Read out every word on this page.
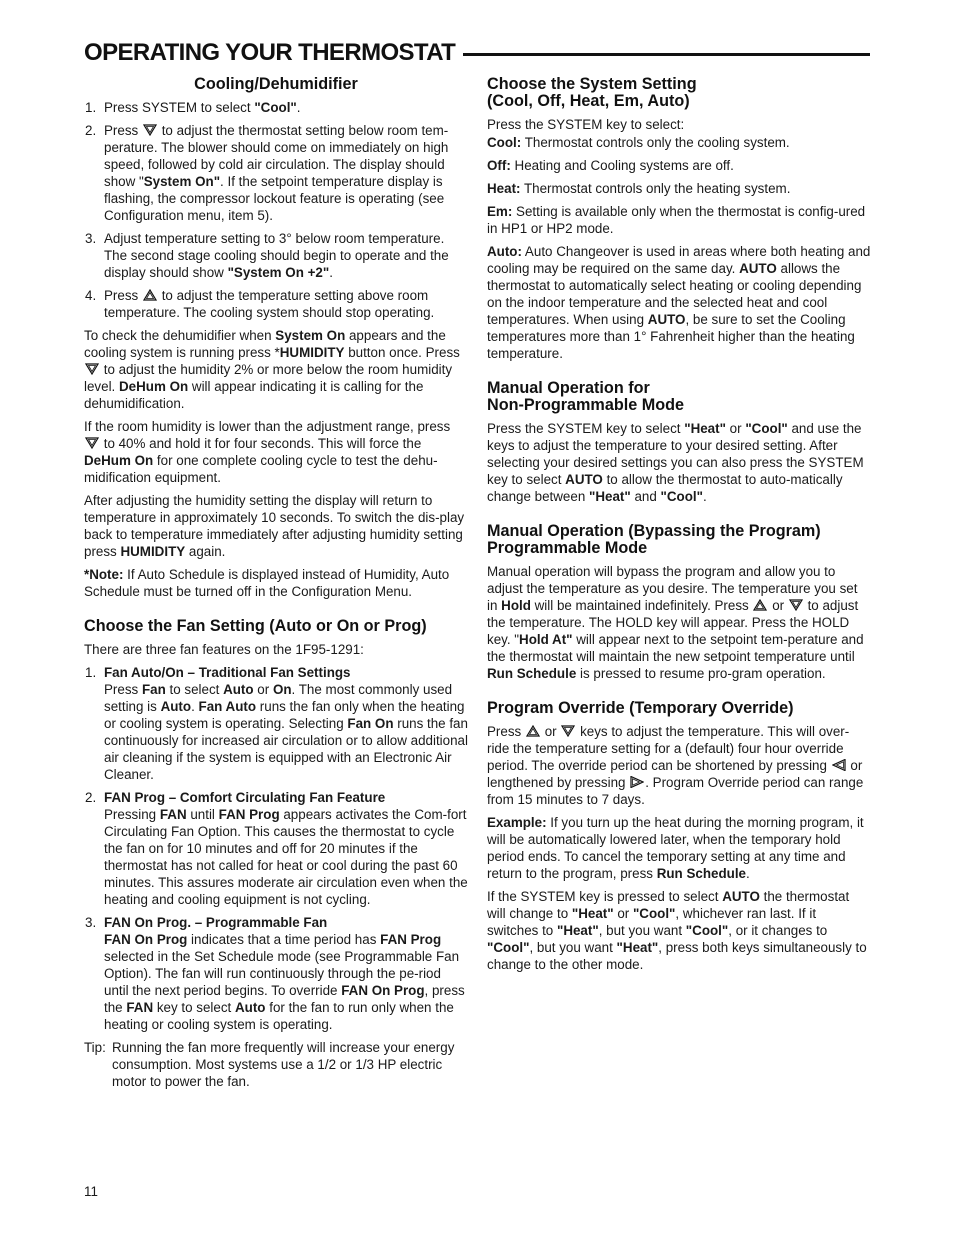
OPERATING YOUR THERMOSTAT
Cooling/Dehumidifier
1. Press SYSTEM to select "Cool".
2. Press
to adjust the thermostat setting below room tem-perature. The blower should come on immediately on high speed, followed by cold air circulation. The display should show "System On". If the setpoint temperature display is flashing, the compressor lockout feature is operating (see Configuration menu, item 5).
3. Adjust temperature setting to 3° below room temperature. The second stage cooling should begin to operate and the display should show "System On +2".
4. Press
to adjust the temperature setting above room temperature. The cooling system should stop operating.

To check the dehumidifier when System On appears and the cooling system is running press *HUMIDITY button once. Press
to adjust the humidity 2% or more below the room humidity level. DeHum On will appear indicating it is calling for the dehumidification.

If the room humidity is lower than the adjustment range, press
to 40% and hold it for four seconds. This will force the DeHum On for one complete cooling cycle to test the dehu-midification equipment.

After adjusting the humidity setting the display will return to temperature in approximately 10 seconds. To switch the dis-play back to temperature immediately after adjusting humidity setting press HUMIDITY again.

*Note: If Auto Schedule is displayed instead of Humidity, Auto Schedule must be turned off in the Configuration Menu.

Choose the Fan Setting (Auto or On or Prog)

There are three fan features on the 1F95-1291:

1. Fan Auto/On – Traditional Fan Settings
Press Fan to select Auto or On. The most commonly used setting is Auto. Fan Auto runs the fan only when the heating or cooling system is operating. Selecting Fan On runs the fan continuously for increased air circulation or to allow additional air cleaning if the system is equipped with an Electronic Air Cleaner.
2. FAN Prog – Comfort Circulating Fan Feature
Pressing FAN until FAN Prog appears activates the Com-fort Circulating Fan Option. This causes the thermostat to cycle the fan on for 10 minutes and off for 20 minutes if the thermostat has not called for heat or cool during the past 60 minutes. This assures moderate air circulation even when the heating and cooling equipment is not cycling.
3. FAN On Prog. – Programmable Fan
FAN On Prog indicates that a time period has FAN Prog selected in the Set Schedule mode (see Programmable Fan Option). The fan will run continuously through the pe-riod until the next period begins. To override FAN On Prog, press the FAN key to select Auto for the fan to run only when the heating or cooling system is operating.

Tip: Running the fan more frequently will increase your energy consumption. Most systems use a 1/2 or 1/3 HP electric motor to power the fan.

Choose the System Setting
(Cool, Off, Heat, Em, Auto)

Press the SYSTEM key to select:

Cool: Thermostat controls only the cooling system.

Off: Heating and Cooling systems are off.

Heat: Thermostat controls only the heating system.

Em: Setting is available only when the thermostat is config-ured in HP1 or HP2 mode.

Auto: Auto Changeover is used in areas where both heating and cooling may be required on the same day. AUTO allows the thermostat to automatically select heating or cooling depending on the indoor temperature and the selected heat and cool temperatures. When using AUTO, be sure to set the Cooling temperatures more than 1° Fahrenheit higher than the heating temperature.

Manual Operation for
Non-Programmable Mode

Press the SYSTEM key to select "Heat" or "Cool" and use the keys to adjust the temperature to your desired setting. After selecting your desired settings you can also press the SYSTEM key to select AUTO to allow the thermostat to auto-matically change between "Heat" and "Cool".

Manual Operation (Bypassing the Program)
Programmable Mode

Manual operation will bypass the program and allow you to adjust the temperature as you desire. The temperature you set in Hold will be maintained indefinitely. Press
or
to adjust the temperature. The HOLD key will appear. Press the HOLD key. "Hold At" will appear next to the setpoint tem-perature and the thermostat will maintain the new setpoint temperature until Run Schedule is pressed to resume pro-gram operation.

Program Override (Temporary Override)

Press
or
keys to adjust the temperature. This will over-ride the temperature setting for a (default) four hour override period. The override period can be shortened by pressing
or lengthened by pressing . Program Override period can range from 15 minutes to 7 days.

Example: If you turn up the heat during the morning program, it will be automatically lowered later, when the temporary hold period ends. To cancel the temporary setting at any time and return to the program, press Run Schedule.

If the SYSTEM key is pressed to select AUTO the thermostat will change to "Heat" or "Cool", whichever ran last. If it switches to "Heat", but you want "Cool", or it changes to "Cool", but you want "Heat", press both keys simultaneously to change to the other mode.

11
